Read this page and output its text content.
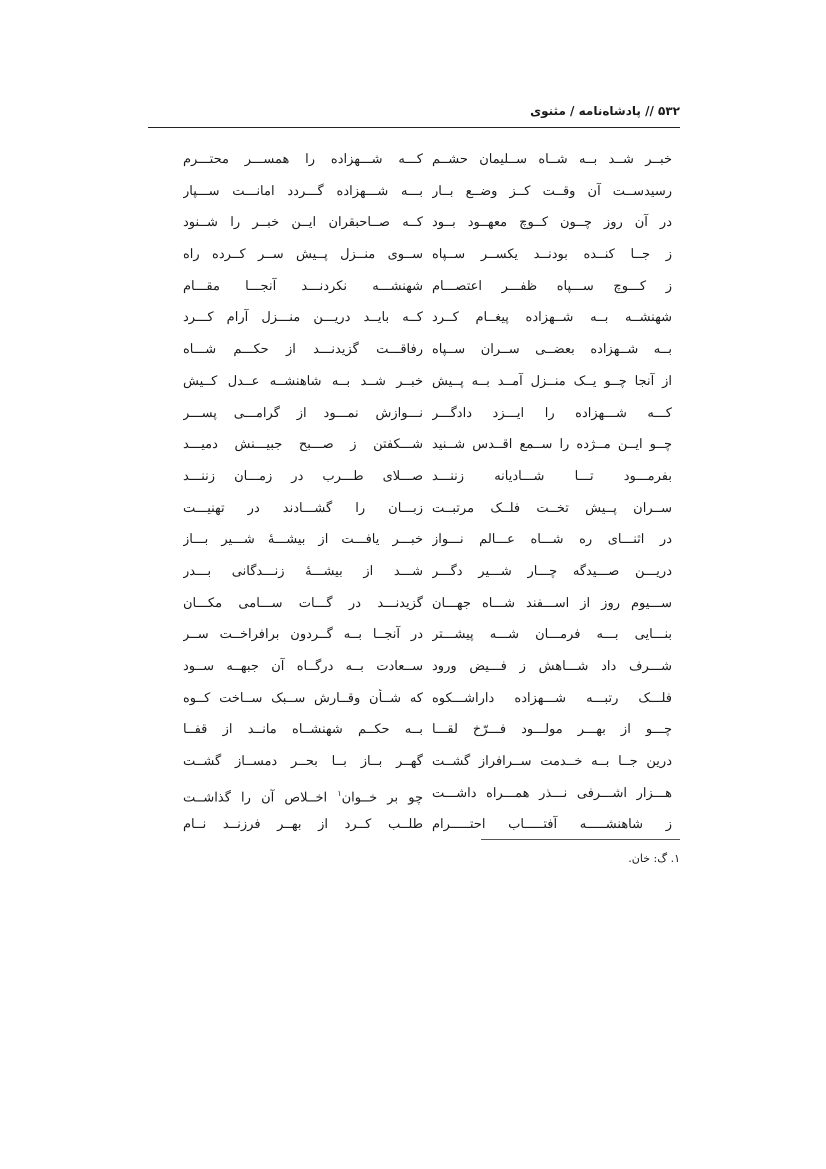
۵۳۲ // پادشاه‌نامه / مثنوی
خبــر شــد بــه شــاه ســلیمان حشــم
رسیدســت آن وقــت کــز وضــع بــار
در آن روز چــون کــوچ معهــود بــود
ز جــا کنــده بودنــد یکســر ســپاه
ز کـــوچ ســـپاه ظفـــر اعتصـــام
شهنشــه بــه شــهزاده پیغــام کــرد
بــه شــهزاده بعضــی ســران ســپاه
از آنجا چــو یــک منــزل آمــد بــه پــیش
کـــه شـــهزاده را ایـــزد دادگـــر
چــو ایــن مــژده را ســمع اقــدس شــنید
بفرمـــود تـــا شـــادیانه زننـــد
ســران پــیش تخــت فلــک مرتبــت
در اثنـــای ره شـــاه عـــالم نـــواز
دریـــن صـــیدگه چـــار شـــیر دگـــر
ســـیوم روز از اســـفند شـــاه جهـــان
بنـــایی بـــه فرمـــان شـــه پیشـــتر
شـــرف داد شـــاهش ز فـــیض ورود
فلـــک رتبـــه شـــهزاده داراشـــکوه
چـــو از بهـــر مولـــود فـــرّخ لقـــا
درین جــا بــه خــدمت ســرافراز گشــت
هـــزار اشـــرفی نـــذر همـــراه داشـــت
ز شاهنشـــــه آفتـــــاب احتـــــرام
کـــه شـــهزاده را همســـر محتـــرم
بـــه شـــهزاده گـــردد امانـــت ســـپار
کــه صــاحبقران ایــن خبــر را شــنود
ســوی منــزل پــیش ســر کــرده راه
شهنشـــه نکردنـــد آنجـــا مقـــام
کــه بایــد دریـــن منـــزل آرام کـــرد
رفاقـــت گزیدنـــد از حکـــم شـــاه
خبــر شــد بــه شاهنشــه عــدل کــیش
نـــوازش نمـــود از گرامـــی پســـر
شـــکفتن ز صـــبح جبیـــنش دمیـــد
صـــلای طـــرب در زمـــان زننـــد
زبـــان را گشـــادند در تهنیـــت
خبـــر یافـــت از بیشـــهٔ شـــیر بـــاز
شـــد از بیشـــهٔ زنـــدگانی بـــدر
گزیدنـــد در گـــات ســـامی مکـــان
در آنجــا بــه گــردون برافراخــت ســر
ســعادت بــه درگــاه آن جبهــه ســود
که شــأن وقــارش ســبک ســاخت کــوه
بــه حکــم شهنشــاه مانــد از قفــا
گهــر بــاز بــا بحــر دمســاز گشــت
چو بر خــوان$^۱$ اخــلاص آن را گذاشــت
طلــب کــرد از بهــر فرزنــد نــام
۱. گ: خان.
